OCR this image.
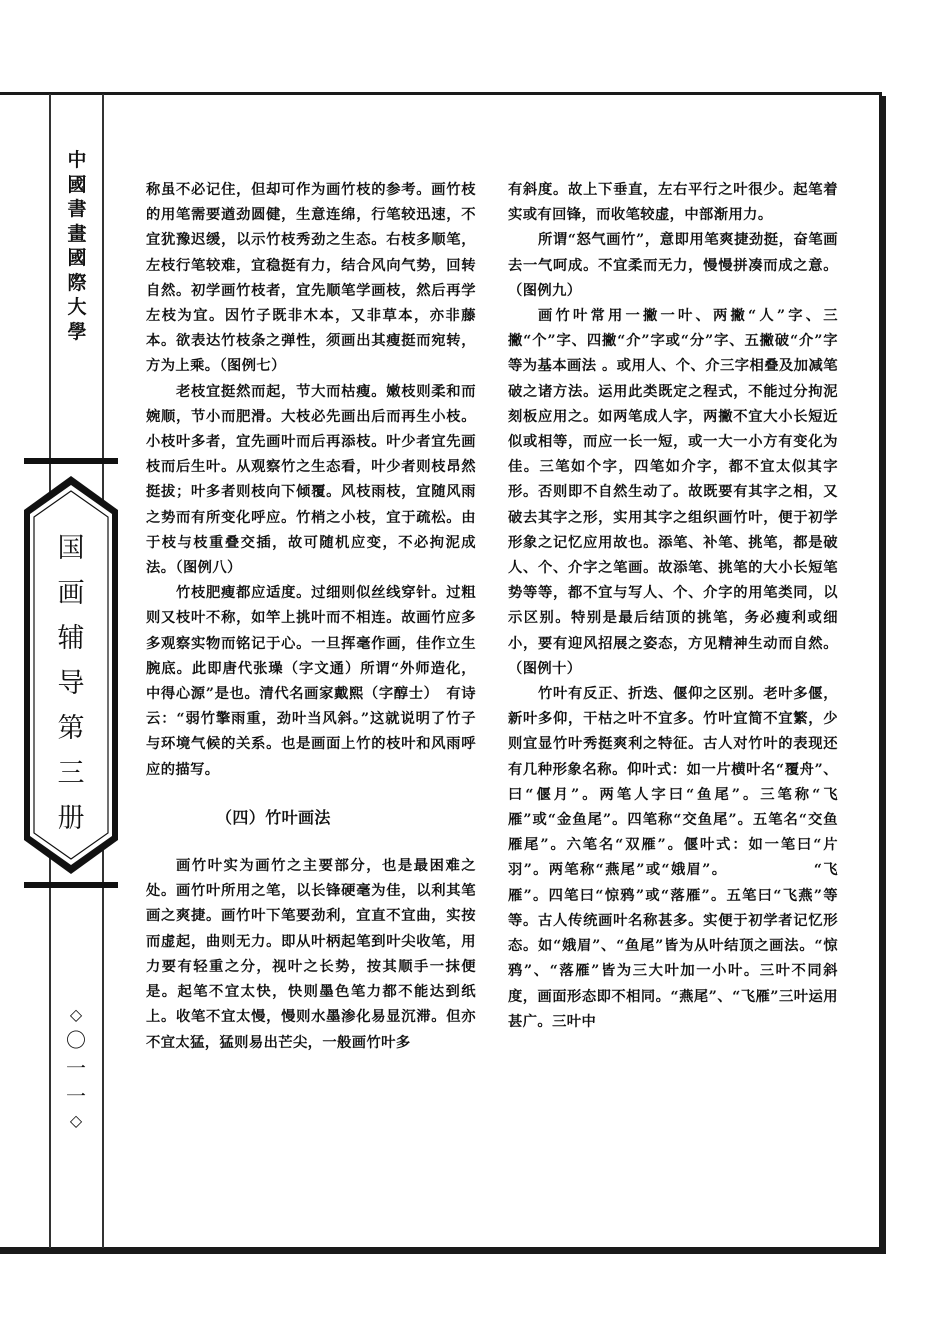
中
國
書
畫
國
際
大
學
国
画
辅
导
第
三
册
◇
〇
一
一
◇

称虽不必记住，但却可作为画竹枝的参考。画竹枝的用笔需要遒劲圆健，生意连绵，行笔较迅速，不宜犹豫迟缓，以示竹枝秀劲之生态。右枝多顺笔，左枝行笔较难，宜稳挺有力，结合风向气势，回转自然。初学画竹枝者，宜先顺笔学画枝，然后再学左枝为宜。因竹子既非木本，又非草本，亦非藤本。欲表达竹枝条之弹性，须画出其瘦挺而宛转，方为上乘。（图例七）

老枝宜挺然而起，节大而枯瘦。嫩枝则柔和而婉顺，节小而肥滑。大枝必先画出后而再生小枝。小枝叶多者，宜先画叶而后再添枝。叶少者宜先画枝而后生叶。从观察竹之生态看，叶少者则枝昂然挺拔；叶多者则枝向下倾覆。风枝雨枝，宜随风雨之势而有所变化呼应。竹梢之小枝，宜于疏松。由于枝与枝重叠交插，故可随机应变，不必拘泥成法。（图例八）

竹枝肥瘦都应适度。过细则似丝线穿针。过粗则又枝叶不称，如竿上挑叶而不相连。故画竹应多多观察实物而铭记于心。一旦挥毫作画，佳作立生腕底。此即唐代张璪（字文通）所谓“外师造化，中得心源”是也。清代名画家戴熙（字醇士）　有诗云：“弱竹擎雨重，劲叶当风斜。”这就说明了竹子与环境气候的关系。也是画面上竹的枝叶和风雨呼应的描写。

（四）竹叶画法

画竹叶实为画竹之主要部分，也是最困难之处。画竹叶所用之笔，以长锋硬毫为佳，以利其笔画之爽捷。画竹叶下笔要劲利，宜直不宜曲，实按而虚起，曲则无力。即从叶柄起笔到叶尖收笔，用力要有轻重之分，视叶之长势，按其顺手一抹便是。起笔不宜太快，快则墨色笔力都不能达到纸上。收笔不宜太慢，慢则水墨渗化易显沉滞。但亦不宜太猛，猛则易出芒尖，一般画竹叶多

有斜度。故上下垂直，左右平行之叶很少。起笔着实或有回锋，而收笔较虚，中部渐用力。

所谓“怒气画竹”，意即用笔爽捷劲挺，奋笔画去一气呵成。不宜柔而无力，慢慢拼凑而成之意。（图例九）

画竹叶常用一撇一叶、两撇“人”字、三撇“个”字、四撇“介”字或“分”字、五撇破“介”字等为基本画法 。或用人、个、介三字相叠及加减笔破之诸方法。运用此类既定之程式，不能过分拘泥刻板应用之。如两笔成人字，两撇不宜大小长短近似或相等，而应一长一短，或一大一小方有变化为佳。三笔如个字，四笔如介字，都不宜太似其字形。否则即不自然生动了。故既要有其字之相，又破去其字之形，实用其字之组织画竹叶，便于初学形象之记忆应用故也。添笔、补笔、挑笔，都是破人、个、介字之笔画。故添笔、挑笔的大小长短笔势等等，都不宜与写人、个、介字的用笔类同，以示区别。特别是最后结顶的挑笔，务必瘦利或细小，要有迎风招展之姿态，方见精神生动而自然。（图例十）

竹叶有反正、折迭、偃仰之区别。老叶多偃，新叶多仰，干枯之叶不宜多。竹叶宜简不宜繁，少则宜显竹叶秀挺爽利之特征。古人对竹叶的表现还有几种形象名称。仰叶式：如一片横叶名“覆舟”、曰“偃月”。两笔人字曰“鱼尾”。三笔称“飞雁”或“金鱼尾”。四笔称“交鱼尾”。五笔名“交鱼雁尾”。六笔名“双雁”。偃叶式：如一笔曰“片羽”。两笔称“燕尾”或“娥眉”。　　　　　　“飞雁”。四笔曰“惊鸦”或“落雁”。五笔曰“飞燕”等等。古人传统画叶名称甚多。实便于初学者记忆形态。如“娥眉”、“鱼尾”皆为从叶结顶之画法。“惊鸦”、“落雁”皆为三大叶加一小叶。三叶不同斜度，画面形态即不相同。“燕尾”、“飞雁”三叶运用甚广。三叶中
